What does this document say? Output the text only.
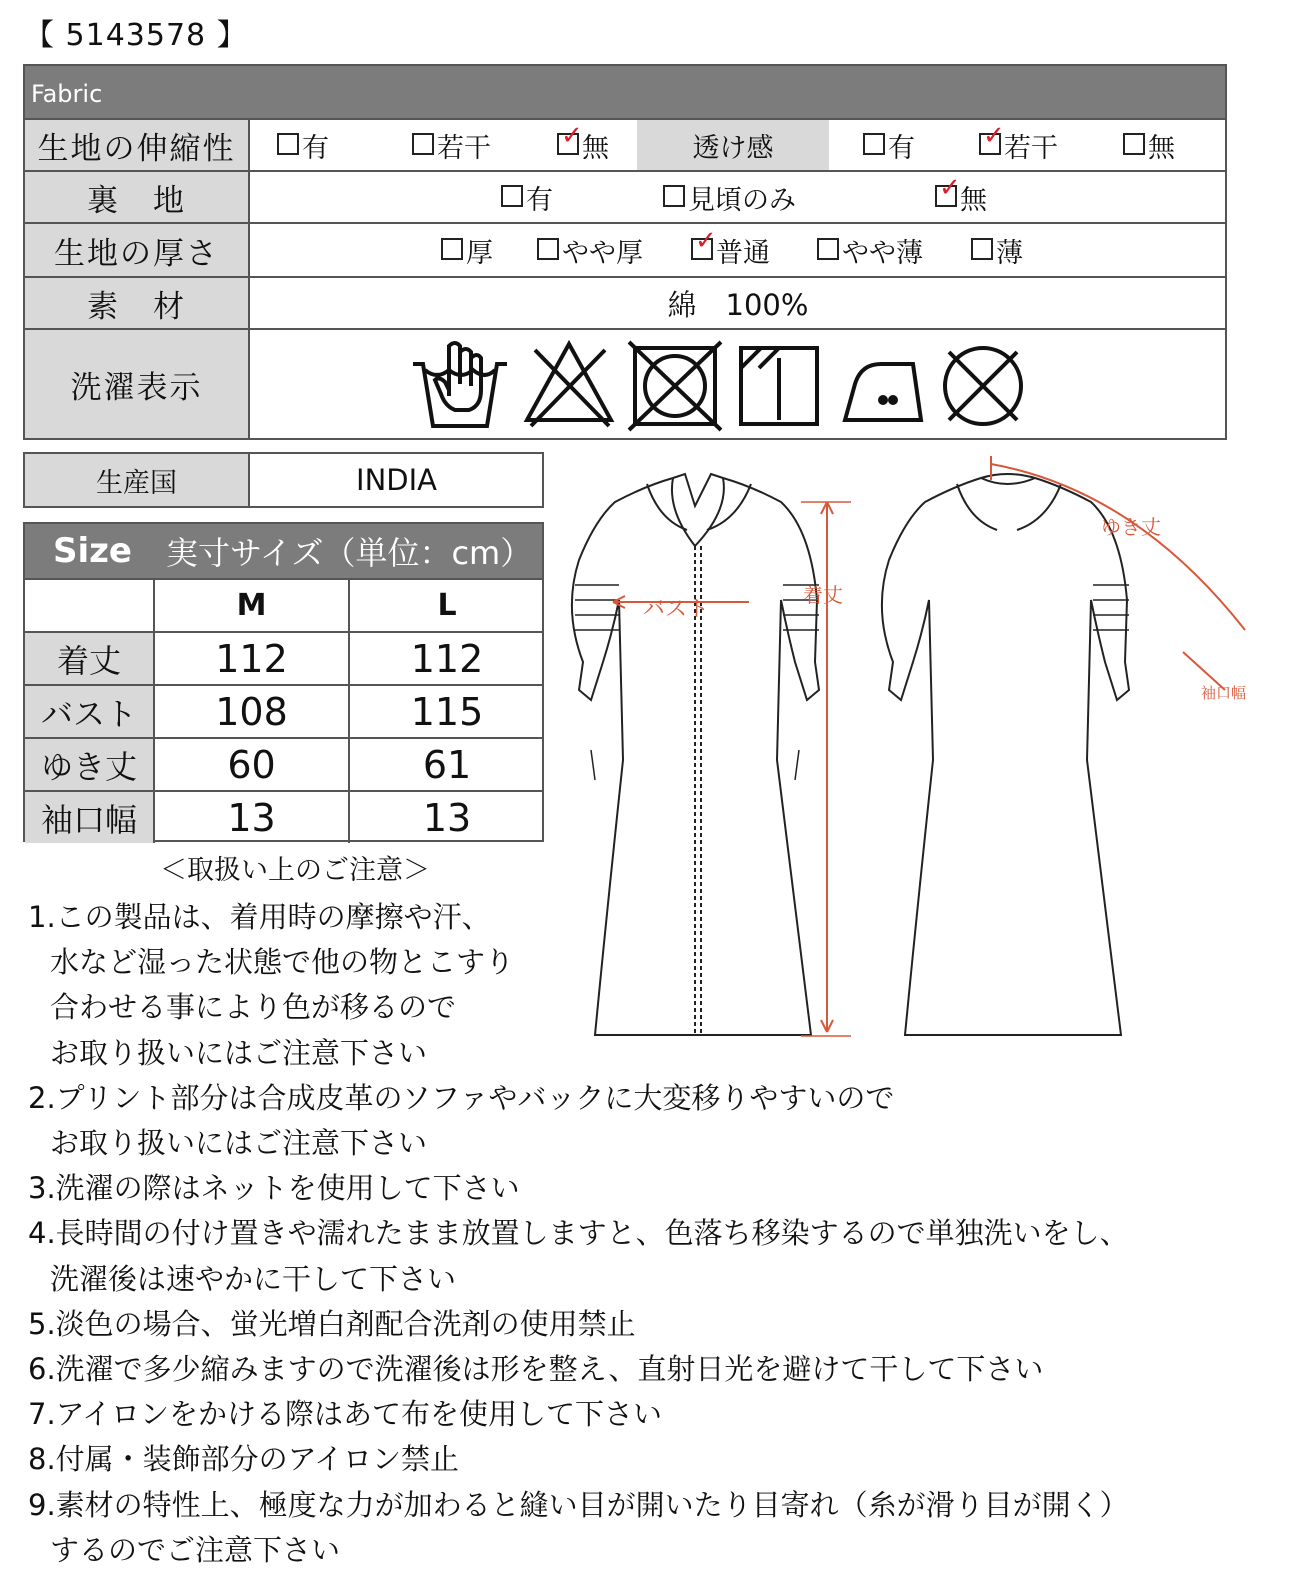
【 5143578 】
Fabric
生地の伸縮性	有	若干	✓ 無	透け感	有	✓ 若干	無
裏　地	有	見頃のみ	✓ 無
生地の厚さ	厚	やや厚 ✓ 普通	やや薄	薄
素　材	綿　100%
洗濯表示
生産国	INDIA
Size 実寸サイズ（単位：cm）
M	L
着丈	112	112
バスト	108	115
ゆき丈	60	61
袖口幅	13	13
バスト
着丈
ゆき丈
袖口幅
＜取扱い上のご注意＞
1.この製品は、着用時の摩擦や汗、
水など湿った状態で他の物とこすり
合わせる事により色が移るので
お取り扱いにはご注意下さい
2.プリント部分は合成皮革のソファやバックに大変移りやすいので
お取り扱いにはご注意下さい
3.洗濯の際はネットを使用して下さい
4.長時間の付け置きや濡れたまま放置しますと、色落ち移染するので単独洗いをし、
洗濯後は速やかに干して下さい
5.淡色の場合、蛍光増白剤配合洗剤の使用禁止
6.洗濯で多少縮みますので洗濯後は形を整え、直射日光を避けて干して下さい
7.アイロンをかける際はあて布を使用して下さい
8.付属・装飾部分のアイロン禁止
9.素材の特性上、極度な力が加わると縫い目が開いたり目寄れ（糸が滑り目が開く）
するのでご注意下さい
